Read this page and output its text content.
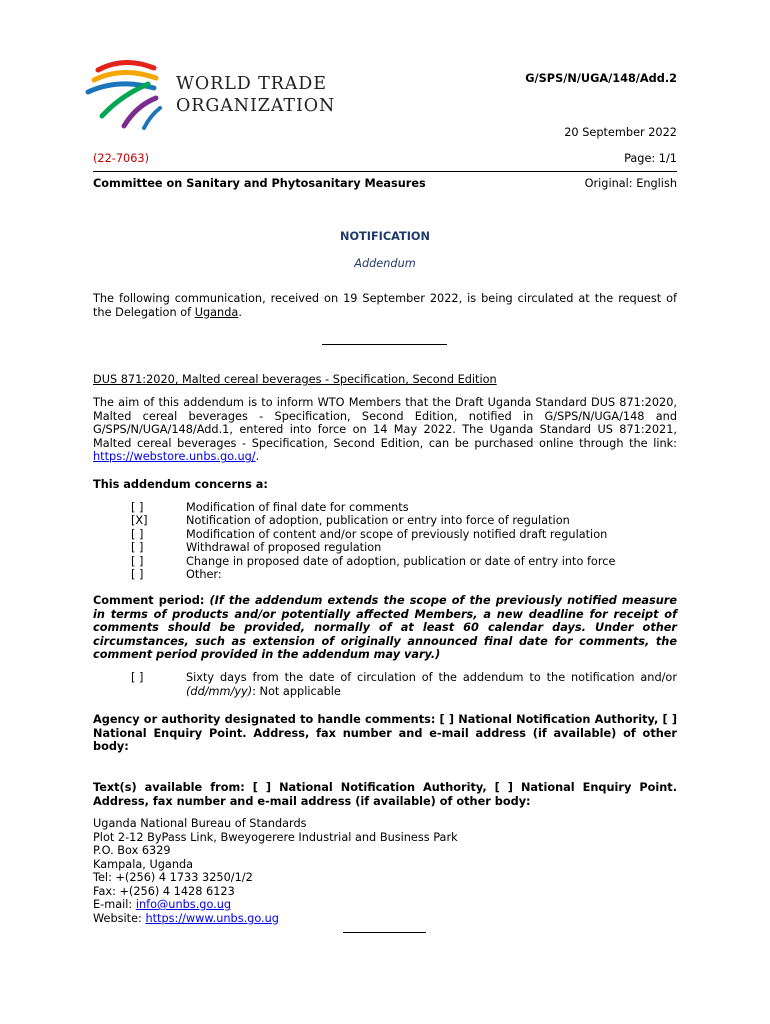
WORLD TRADE
ORGANIZATION
G/SPS/N/UGA/148/Add.2
20 September 2022
(22-7063)	Page: 1/1
Committee on Sanitary and Phytosanitary Measures	Original: English
NOTIFICATION
Addendum
The following communication, received on 19 September 2022, is being circulated at the request of the Delegation of Uganda.
DUS 871:2020, Malted cereal beverages - Specification, Second Edition
The aim of this addendum is to inform WTO Members that the Draft Uganda Standard DUS 871:2020, Malted cereal beverages - Specification, Second Edition, notified in G/SPS/N/UGA/148 and G/SPS/N/UGA/148/Add.1, entered into force on 14 May 2022. The Uganda Standard US 871:2021, Malted cereal beverages - Specification, Second Edition, can be purchased online through the link: https://webstore.unbs.go.ug/.
This addendum concerns a:
[ ]	Modification of final date for comments
[X]	Notification of adoption, publication or entry into force of regulation
[ ]	Modification of content and/or scope of previously notified draft regulation
[ ]	Withdrawal of proposed regulation
[ ]	Change in proposed date of adoption, publication or date of entry into force
[ ]	Other:
Comment period: (If the addendum extends the scope of the previously notified measure in terms of products and/or potentially affected Members, a new deadline for receipt of comments should be provided, normally of at least 60 calendar days. Under other circumstances, such as extension of originally announced final date for comments, the comment period provided in the addendum may vary.)
[ ]	Sixty days from the date of circulation of the addendum to the notification and/or (dd/mm/yy): Not applicable
Agency or authority designated to handle comments: [ ] National Notification Authority, [ ] National Enquiry Point. Address, fax number and e-mail address (if available) of other body:
Text(s) available from: [ ] National Notification Authority, [ ] National Enquiry Point. Address, fax number and e-mail address (if available) of other body:
Uganda National Bureau of Standards
Plot 2-12 ByPass Link, Bweyogerere Industrial and Business Park
P.O. Box 6329
Kampala, Uganda
Tel: +(256) 4 1733 3250/1/2
Fax: +(256) 4 1428 6123
E-mail: info@unbs.go.ug
Website: https://www.unbs.go.ug
